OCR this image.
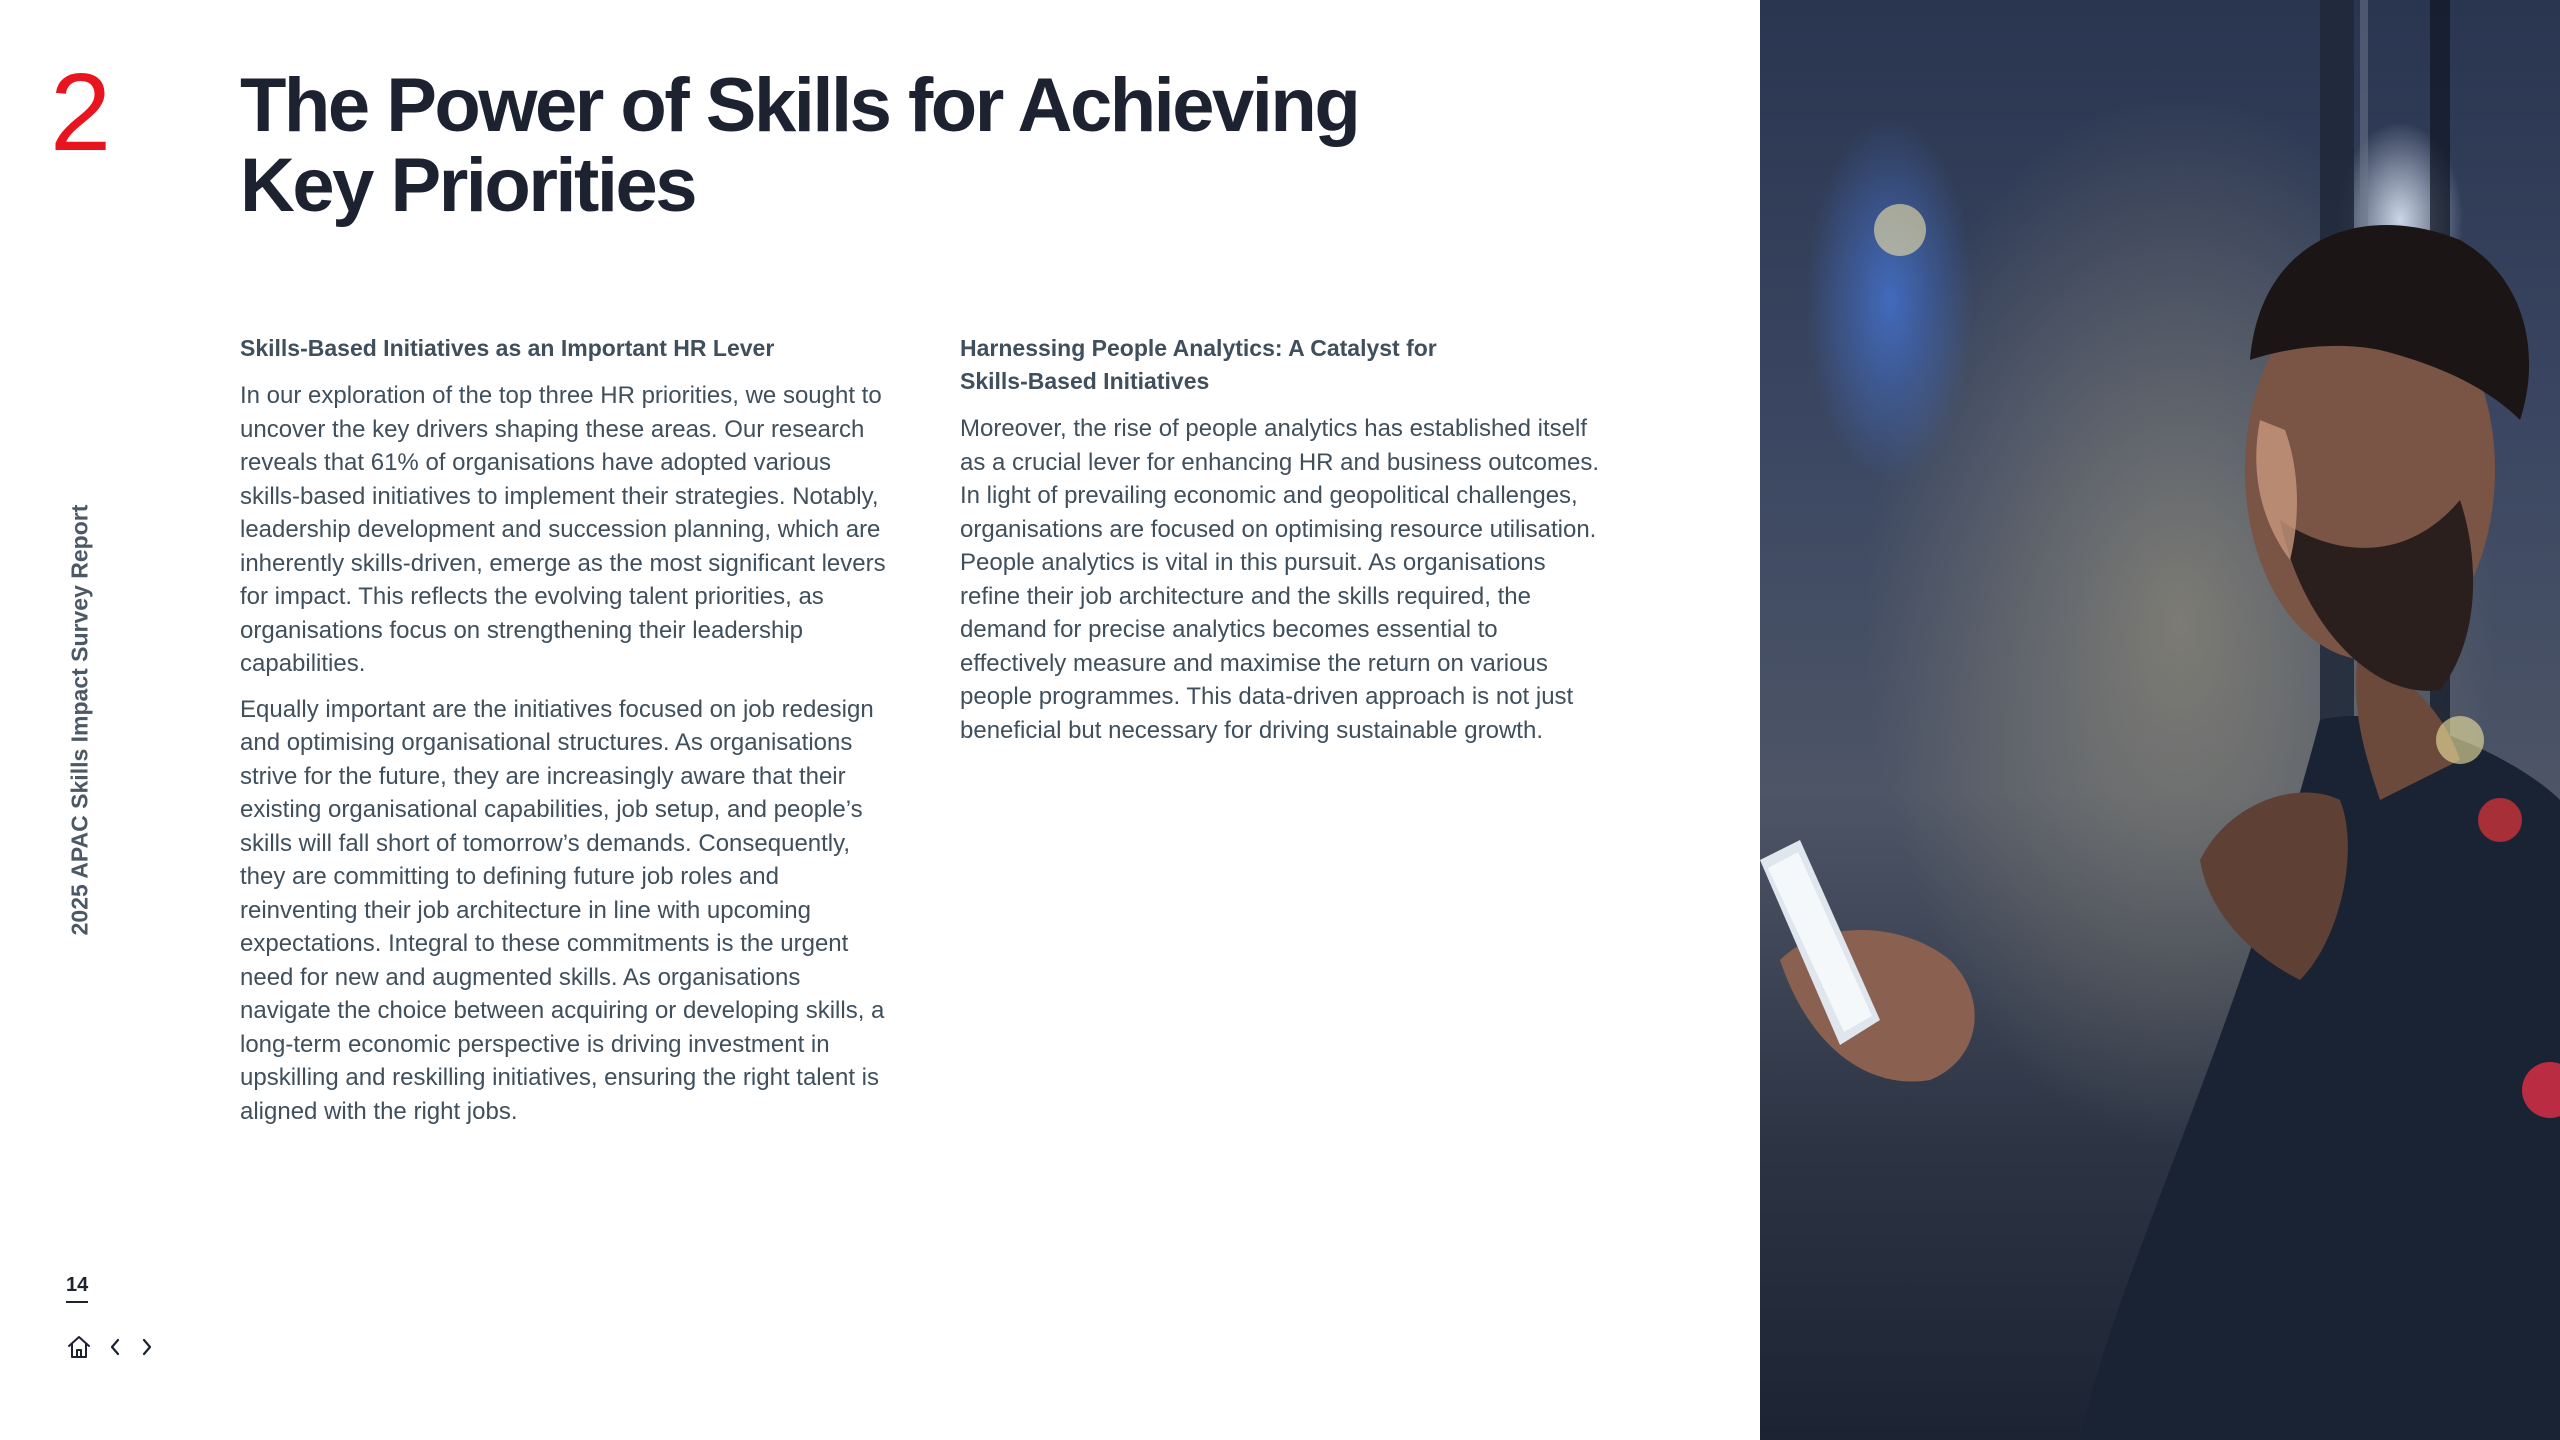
2 The Power of Skills for Achieving
Key Priorities
2025 APAC Skills Impact Survey Report
Skills-Based Initiatives as an Important HR Lever

In our exploration of the top three HR priorities, we sought to uncover the key drivers shaping these areas. Our research reveals that 61% of organisations have adopted various skills-based initiatives to implement their strategies. Notably, leadership development and succession planning, which are inherently skills-driven, emerge as the most significant levers for impact. This reflects the evolving talent priorities, as organisations focus on strengthening their leadership capabilities.

Equally important are the initiatives focused on job redesign and optimising organisational structures. As organisations strive for the future, they are increasingly aware that their existing organisational capabilities, job setup, and people’s skills will fall short of tomorrow’s demands. Consequently, they are committing to defining future job roles and reinventing their job architecture in line with upcoming expectations. Integral to these commitments is the urgent need for new and augmented skills. As organisations navigate the choice between acquiring or developing skills, a long-term economic perspective is driving investment in upskilling and reskilling initiatives, ensuring the right talent is aligned with the right jobs.

Harnessing People Analytics: A Catalyst for
Skills-Based Initiatives

Moreover, the rise of people analytics has established itself as a crucial lever for enhancing HR and business outcomes. In light of prevailing economic and geopolitical challenges, organisations are focused on optimising resource utilisation. People analytics is vital in this pursuit. As organisations refine their job architecture and the skills required, the demand for precise analytics becomes essential to effectively measure and maximise the return on various people programmes. This data-driven approach is not just beneficial but necessary for driving sustainable growth.

14
